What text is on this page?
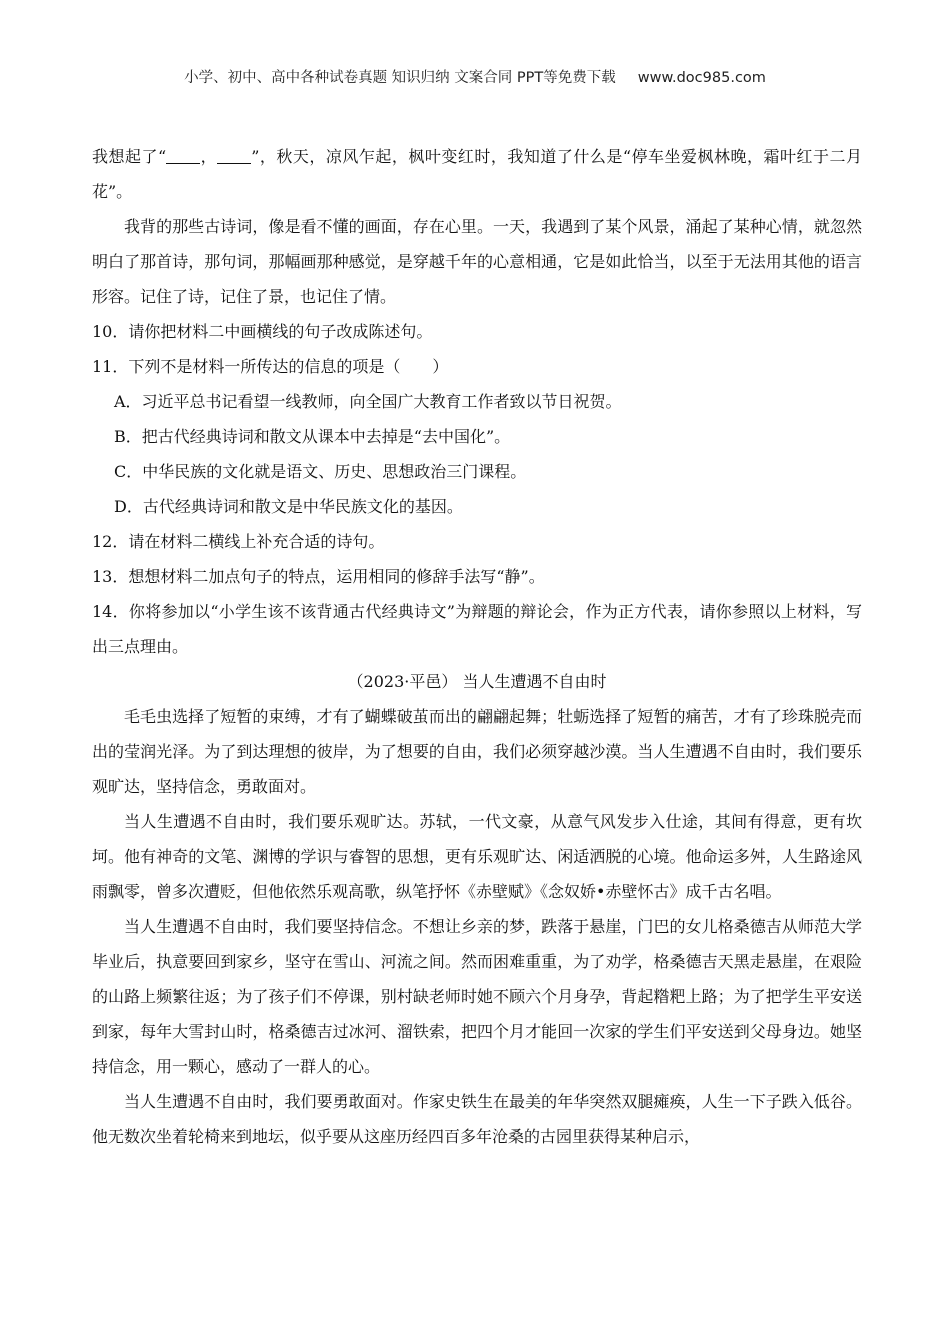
小学、初中、高中各种试卷真题 知识归纳 文案合同 PPT等免费下载 www.doc985.com

我想起了“ ， ”，秋天，凉风乍起，枫叶变红时，我知道了什么是“停车坐爱枫林晚，霜叶红于二月花”。

我背的那些古诗词，像是看不懂的画面，存在心里。一天，我遇到了某个风景，涌起了某种心情，就忽然明白了那首诗，那句词，那幅画那种感觉，是穿越千年的心意相通，它是如此恰当，以至于无法用其他的语言形容。记住了诗，记住了景，也记住了情。

10．请你把材料二中画横线的句子改成陈述句。

11．下列不是材料一所传达的信息的项是（　　）

A．习近平总书记看望一线教师，向全国广大教育工作者致以节日祝贺。

B．把古代经典诗词和散文从课本中去掉是“去中国化”。

C．中华民族的文化就是语文、历史、思想政治三门课程。

D．古代经典诗词和散文是中华民族文化的基因。

12．请在材料二横线上补充合适的诗句。

13．想想材料二加点句子的特点，运用相同的修辞手法写“静”。

14．你将参加以“小学生该不该背通古代经典诗文”为辩题的辩论会，作为正方代表，请你参照以上材料，写出三点理由。

（2023·平邑） 当人生遭遇不自由时

毛毛虫选择了短暂的束缚，才有了蝴蝶破茧而出的翩翩起舞；牡蛎选择了短暂的痛苦，才有了珍珠脱壳而出的莹润光泽。为了到达理想的彼岸，为了想要的自由，我们必须穿越沙漠。当人生遭遇不自由时，我们要乐观旷达，坚持信念，勇敢面对。

当人生遭遇不自由时，我们要乐观旷达。苏轼，一代文豪，从意气风发步入仕途，其间有得意，更有坎坷。他有神奇的文笔、渊博的学识与睿智的思想，更有乐观旷达、闲适洒脱的心境。他命运多舛，人生路途风雨飘零，曾多次遭贬，但他依然乐观高歌，纵笔抒怀《赤壁赋》《念奴娇•赤壁怀古》成千古名唱。

当人生遭遇不自由时，我们要坚持信念。不想让乡亲的梦，跌落于悬崖，门巴的女儿格桑德吉从师范大学毕业后，执意要回到家乡，坚守在雪山、河流之间。然而困难重重，为了劝学，格桑德吉天黑走悬崖，在艰险的山路上频繁往返；为了孩子们不停课，别村缺老师时她不顾六个月身孕，背起糌粑上路；为了把学生平安送到家，每年大雪封山时，格桑德吉过冰河、溜铁索，把四个月才能回一次家的学生们平安送到父母身边。她坚持信念，用一颗心，感动了一群人的心。

当人生遭遇不自由时，我们要勇敢面对。作家史铁生在最美的年华突然双腿瘫痪，人生一下子跌入低谷。他无数次坐着轮椅来到地坛，似乎要从这座历经四百多年沧桑的古园里获得某种启示，
